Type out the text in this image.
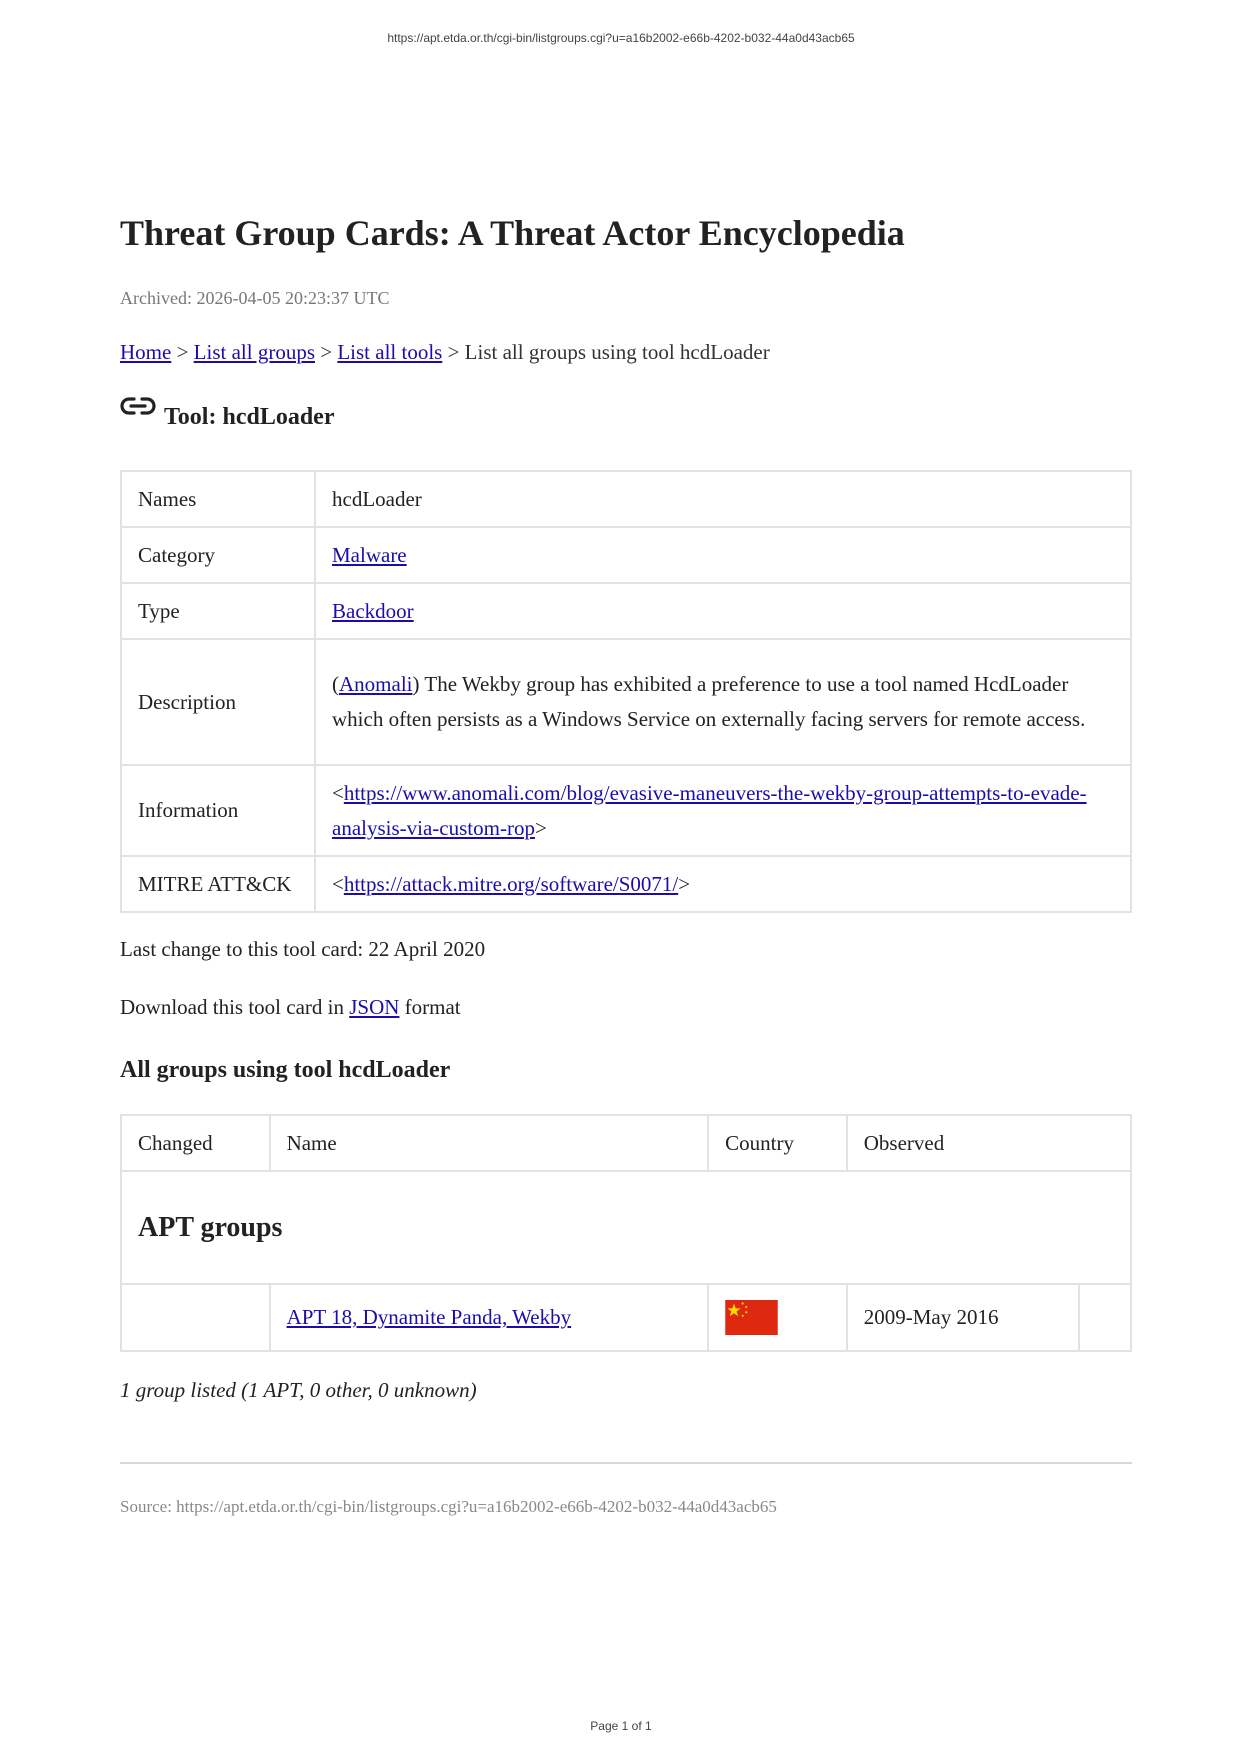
https://apt.etda.or.th/cgi-bin/listgroups.cgi?u=a16b2002-e66b-4202-b032-44a0d43acb65
Threat Group Cards: A Threat Actor Encyclopedia
Archived: 2026-04-05 20:23:37 UTC
Home > List all groups > List all tools > List all groups using tool hcdLoader
Tool: hcdLoader
Names	hcdLoader
Category	Malware
Type	Backdoor
Description	(Anomali) The Wekby group has exhibited a preference to use a tool named HcdLoader which often persists as a Windows Service on externally facing servers for remote access.
Information	<https://www.anomali.com/blog/evasive-maneuvers-the-wekby-group-attempts-to-evade-analysis-via-custom-rop>
MITRE ATT&CK	<https://attack.mitre.org/software/S0071/>
Last change to this tool card: 22 April 2020
Download this tool card in JSON format
All groups using tool hcdLoader
Changed	Name	Country	Observed	
APT groups				
	APT 18, Dynamite Panda, Wekby		2009-May 2016	
1 group listed (1 APT, 0 other, 0 unknown)
Source: https://apt.etda.or.th/cgi-bin/listgroups.cgi?u=a16b2002-e66b-4202-b032-44a0d43acb65
Page 1 of 1
